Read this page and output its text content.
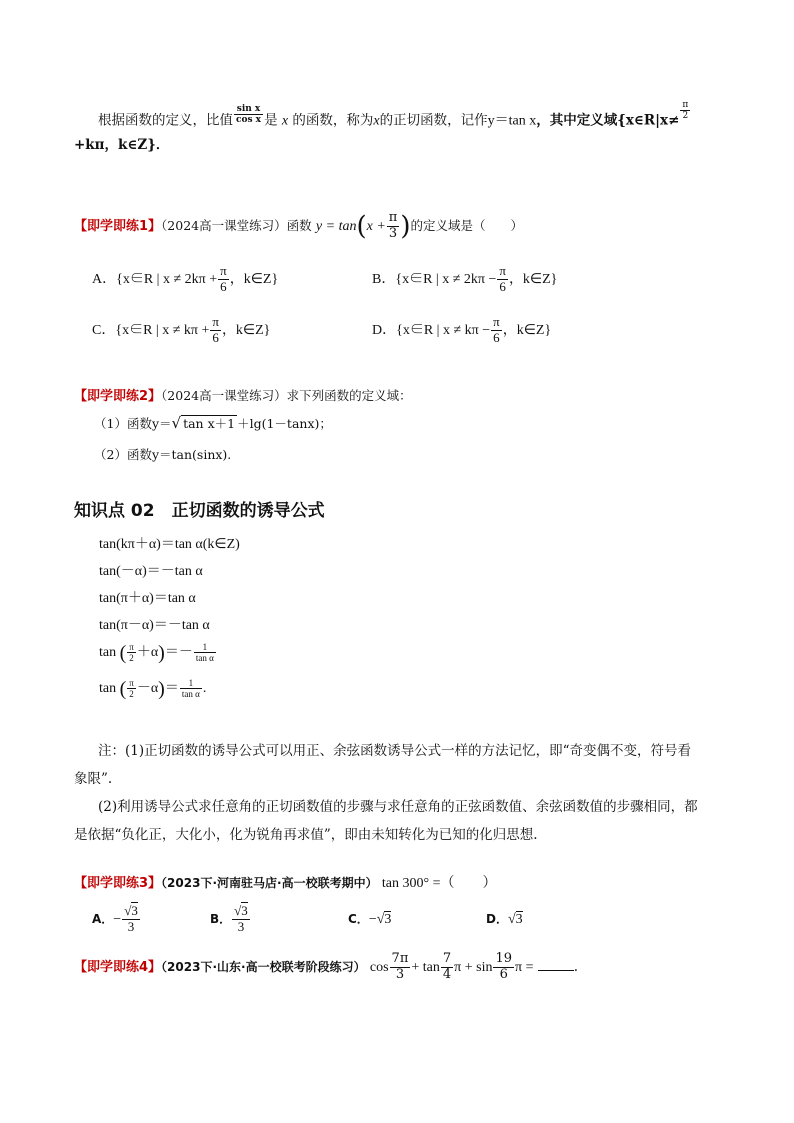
根据函数的定义，比值 $\frac{\text{sin x}}{\text{cos x}}$ 是 x 的函数，称为x的正切函数，记作y＝tan x，其中定义域{x∈R|x≠ $\frac{\pi}{2}$
+kπ，k∈Z}．
【即学即练1】（2024高一课堂练习）函数 $y = \tan(x + \frac{\pi}{3}$ )的定义域是（　　）
A．{x∈R | $x \ne 2k\pi + \frac{\pi}{6}$ ，k∈Z}	B．{x∈R | $x \ne 2k\pi - \frac{\pi}{6}$ ，k∈Z}
C．{x∈R | $x \ne k\pi + \frac{\pi}{6}$ ，k∈Z}	D．{x∈R | $x \ne k\pi - \frac{\pi}{6}$ ，k∈Z}
【即学即练2】（2024高一课堂练习）求下列函数的定义域：
（1）函数y＝√ tan x＋1 ＋lg(1－tanx)；
（2）函数y＝tan(sinx).
知识点 02　正切函数的诱导公式
tan(kπ＋α)＝tan α(k∈Z)
tan(－α)＝－tan α
tan(π＋α)＝tan α
tan(π－α)＝－tan α
tan ( $\frac{\pi}{2} +\alpha)=- \frac{1}{\text{tan α}}$
tan ( $\frac{\pi}{2} -\alpha)= \frac{1}{\text{tan α}}$ .
注：(1)正切函数的诱导公式可以用正、余弦函数诱导公式一样的方法记忆，即“奇变偶不变，符号看
象限”.
(2)利用诱导公式求任意角的正切函数值的步骤与求任意角的正弦函数值、余弦函数值的步骤相同，都
是依据“负化正，大化小，化为锐角再求值”，即由未知转化为已知的化归思想.
【即学即练3】（2023下·河南驻马店·高一校联考期中） tan 300° =（　　）
A．− $\frac{√3}{3}$	B． $\frac{√3}{3}$	C．−√3	D．√3
【即学即练4】（2023下·山东·高一校联考阶段练习） $\cos \frac{7\pi}{3} + \tan \frac{7}{4}$ $\pi + \sin \frac{19}{6}$ π =	.
